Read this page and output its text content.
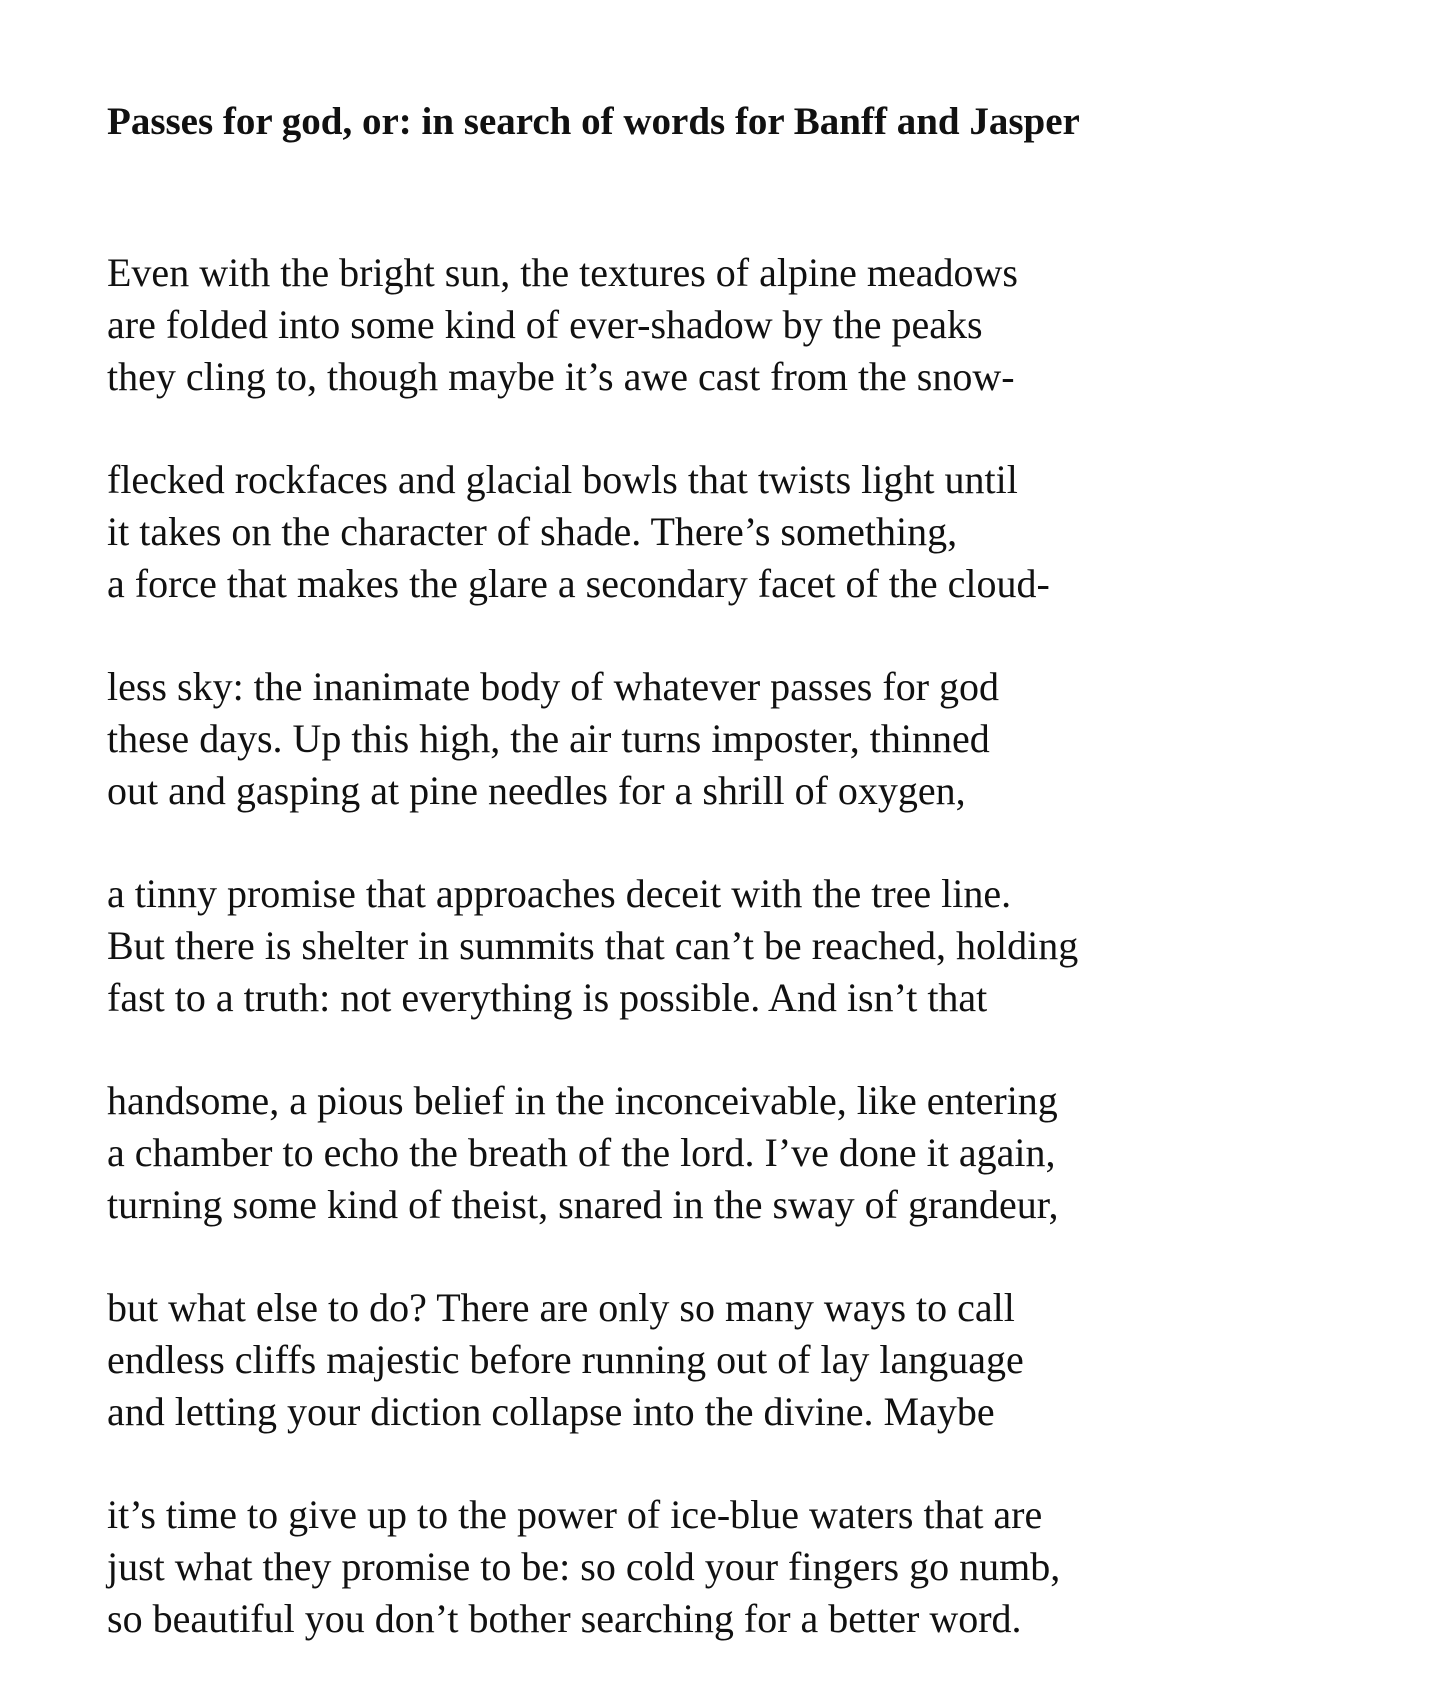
Passes for god, or: in search of words for Banff and Jasper
Even with the bright sun, the textures of alpine meadows
are folded into some kind of ever-shadow by the peaks
they cling to, though maybe it’s awe cast from the snow-
flecked rockfaces and glacial bowls that twists light until
it takes on the character of shade. There’s something,
a force that makes the glare a secondary facet of the cloud-
less sky: the inanimate body of whatever passes for god
these days. Up this high, the air turns imposter, thinned
out and gasping at pine needles for a shrill of oxygen,
a tinny promise that approaches deceit with the tree line.
But there is shelter in summits that can’t be reached, holding
fast to a truth: not everything is possible. And isn’t that
handsome, a pious belief in the inconceivable, like entering
a chamber to echo the breath of the lord. I’ve done it again,
turning some kind of theist, snared in the sway of grandeur,
but what else to do? There are only so many ways to call
endless cliffs majestic before running out of lay language
and letting your diction collapse into the divine. Maybe
it’s time to give up to the power of ice-blue waters that are
just what they promise to be: so cold your fingers go numb,
so beautiful you don’t bother searching for a better word.
